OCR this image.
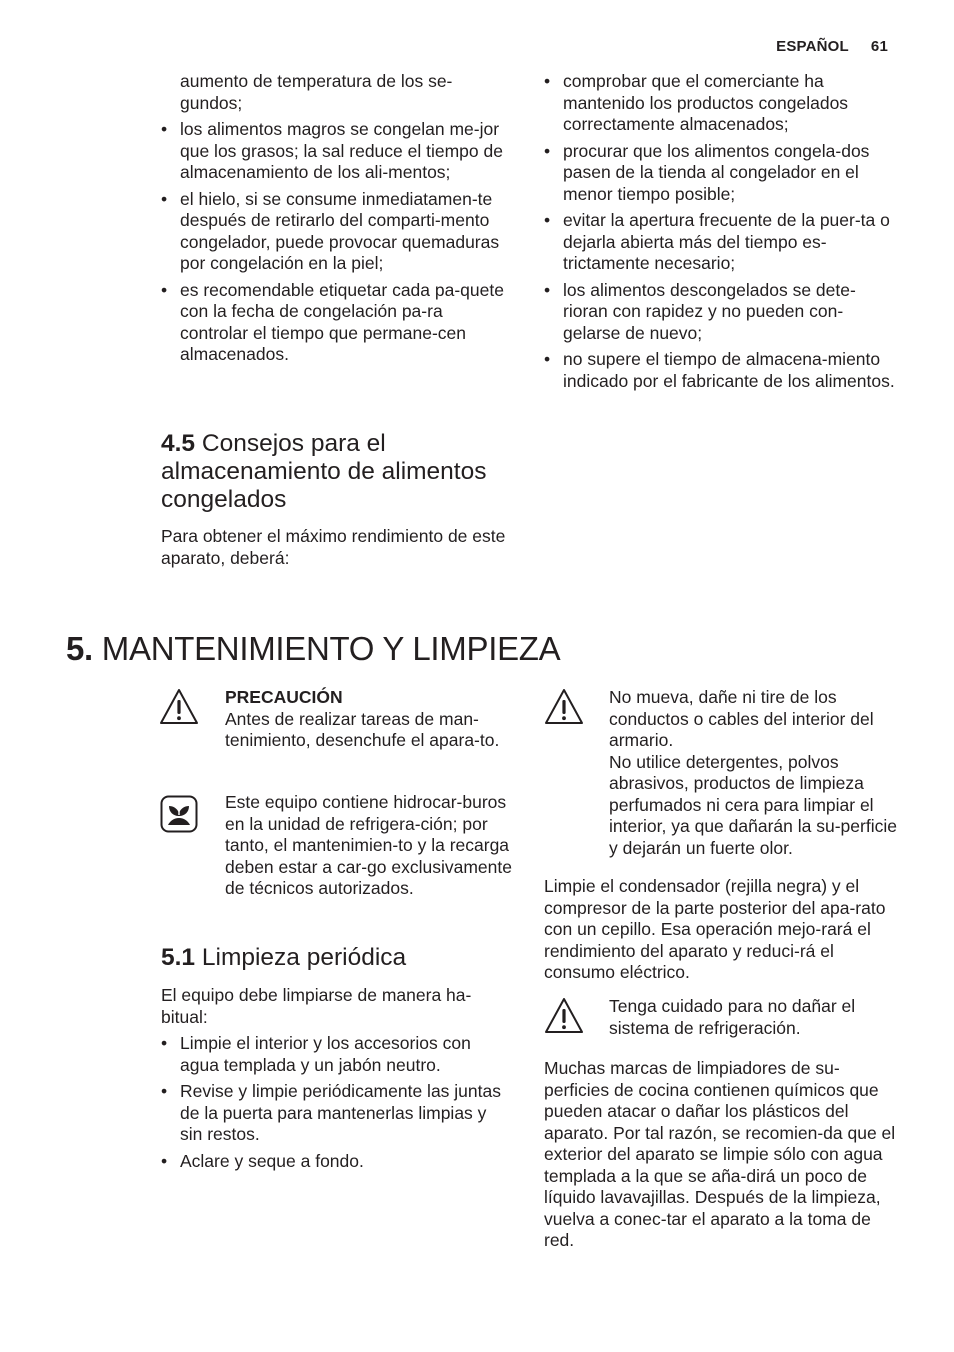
ESPAÑOL 61

aumento de temperatura de los se-gundos;

• los alimentos magros se congelan me-jor que los grasos; la sal reduce el tiempo de almacenamiento de los ali-mentos;
• el hielo, si se consume inmediatamen-te después de retirarlo del comparti-mento congelador, puede provocar quemaduras por congelación en la piel;
• es recomendable etiquetar cada pa-quete con la fecha de congelación pa-ra controlar el tiempo que permane-cen almacenados.
• comprobar que el comerciante ha mantenido los productos congelados correctamente almacenados;
• procurar que los alimentos congela-dos pasen de la tienda al congelador en el menor tiempo posible;
• evitar la apertura frecuente de la puer-ta o dejarla abierta más del tiempo es-trictamente necesario;
• los alimentos descongelados se dete-rioran con rapidez y no pueden con-gelarse de nuevo;
• no supere el tiempo de almacena-miento indicado por el fabricante de los alimentos.
4.5 Consejos para el almacenamiento de alimentos congelados
Para obtener el máximo rendimiento de este aparato, deberá:
5. MANTENIMIENTO Y LIMPIEZA

PRECAUCIÓN

Antes de realizar tareas de man-tenimiento, desenchufe el apara-to.

Este equipo contiene hidrocar-buros en la unidad de refrigera-ción; por tanto, el mantenimien-to y la recarga deben estar a car-go exclusivamente de técnicos autorizados.
5.1 Limpieza periódica

El equipo debe limpiarse de manera ha-bitual:

• Limpie el interior y los accesorios con agua templada y un jabón neutro.
• Revise y limpie periódicamente las juntas de la puerta para mantenerlas limpias y sin restos.
• Aclare y seque a fondo.

No mueva, dañe ni tire de los conductos o cables del interior del armario.

No utilice detergentes, polvos abrasivos, productos de limpieza perfumados ni cera para limpiar el interior, ya que dañarán la su-perficie y dejarán un fuerte olor.

Limpie el condensador (rejilla negra) y el compresor de la parte posterior del apa-rato con un cepillo. Esa operación mejo-rará el rendimiento del aparato y reduci-rá el consumo eléctrico.
Tenga cuidado para no dañar el sistema de refrigeración.
Muchas marcas de limpiadores de su-perficies de cocina contienen químicos que pueden atacar o dañar los plásticos del aparato. Por tal razón, se recomien-da que el exterior del aparato se limpie sólo con agua templada a la que se aña-dirá un poco de líquido lavavajillas. Después de la limpieza, vuelva a conec-tar el aparato a la toma de red.
